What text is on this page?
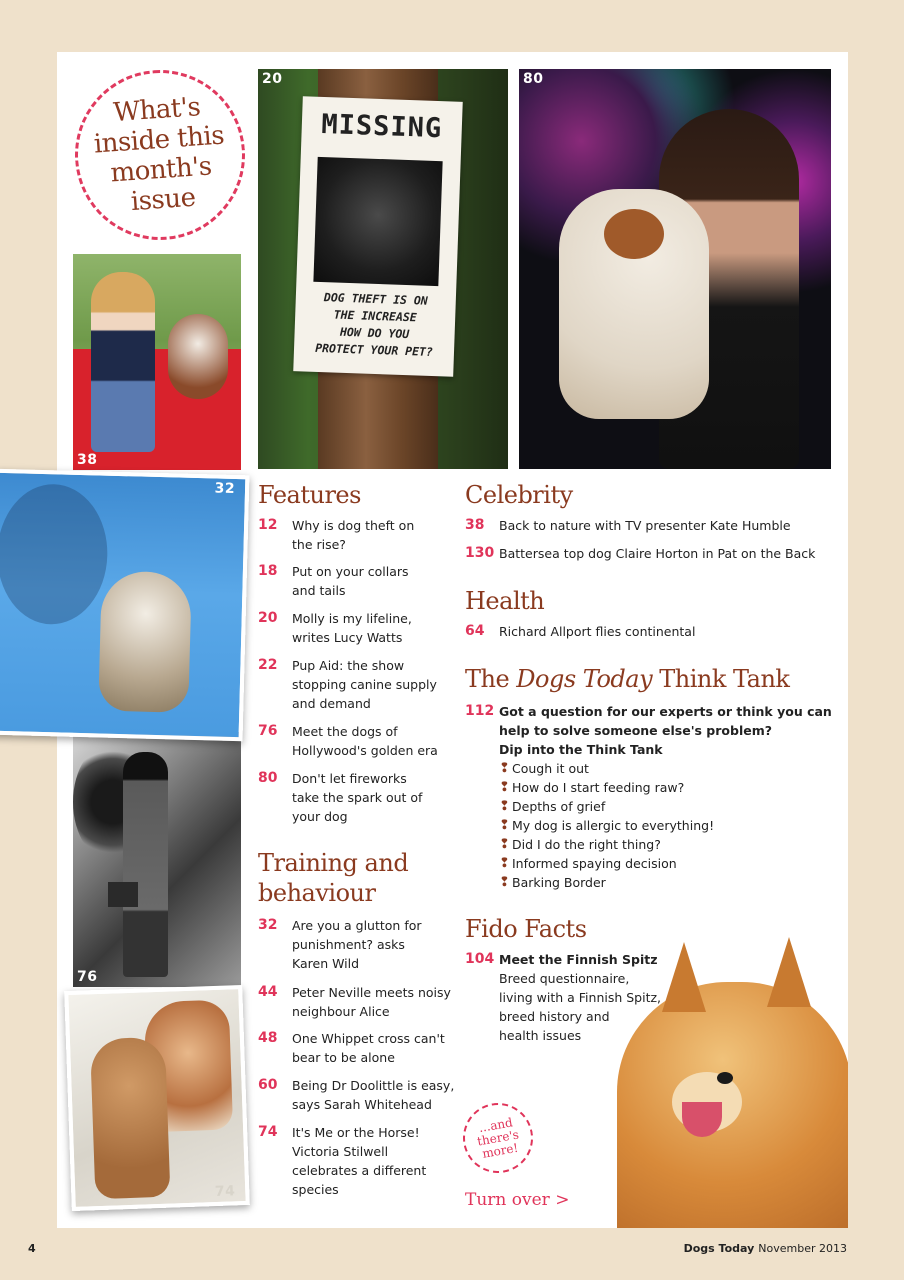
What's
inside this
month's
issue
MISSING
DOG THEFT IS ON
THE INCREASE
HOW DO YOU
PROTECT YOUR PET?
20	80
38
76
Features
12	Why is dog theft on
the rise?
18	Put on your collars
and tails
20	Molly is my lifeline,
writes Lucy Watts
22	Pup Aid: the show
stopping canine supply
and demand
76	Meet the dogs of
Hollywood's golden era
80	Don't let fireworks
take the spark out of
your dog
Training and
behaviour
32	Are you a glutton for
punishment? asks
Karen Wild
44	Peter Neville meets noisy
neighbour Alice
48	One Whippet cross can't
bear to be alone
60	Being Dr Doolittle is easy,
says Sarah Whitehead
74	It's Me or the Horse!
Victoria Stilwell
celebrates a different
species
Celebrity
38	Back to nature with TV presenter Kate Humble
130 Battersea top dog Claire Horton in Pat on the Back
Health
64	Richard Allport flies continental
The Dogs Today Think Tank
112 Got a question for our experts or think you can
help to solve someone else's problem?
Dip into the Think Tank
❢ Cough it out
❢ How do I start feeding raw?
❢ Depths of grief
❢ My dog is allergic to everything!
❢ Did I do the right thing?
❢ Informed spaying decision
❢ Barking Border
Fido Facts
104 Meet the Finnish Spitz
Breed questionnaire,
living with a Finnish Spitz,
breed history and
health issues
...and
there's
more!
Turn over >
32
74
4	Dogs Today November 2013
